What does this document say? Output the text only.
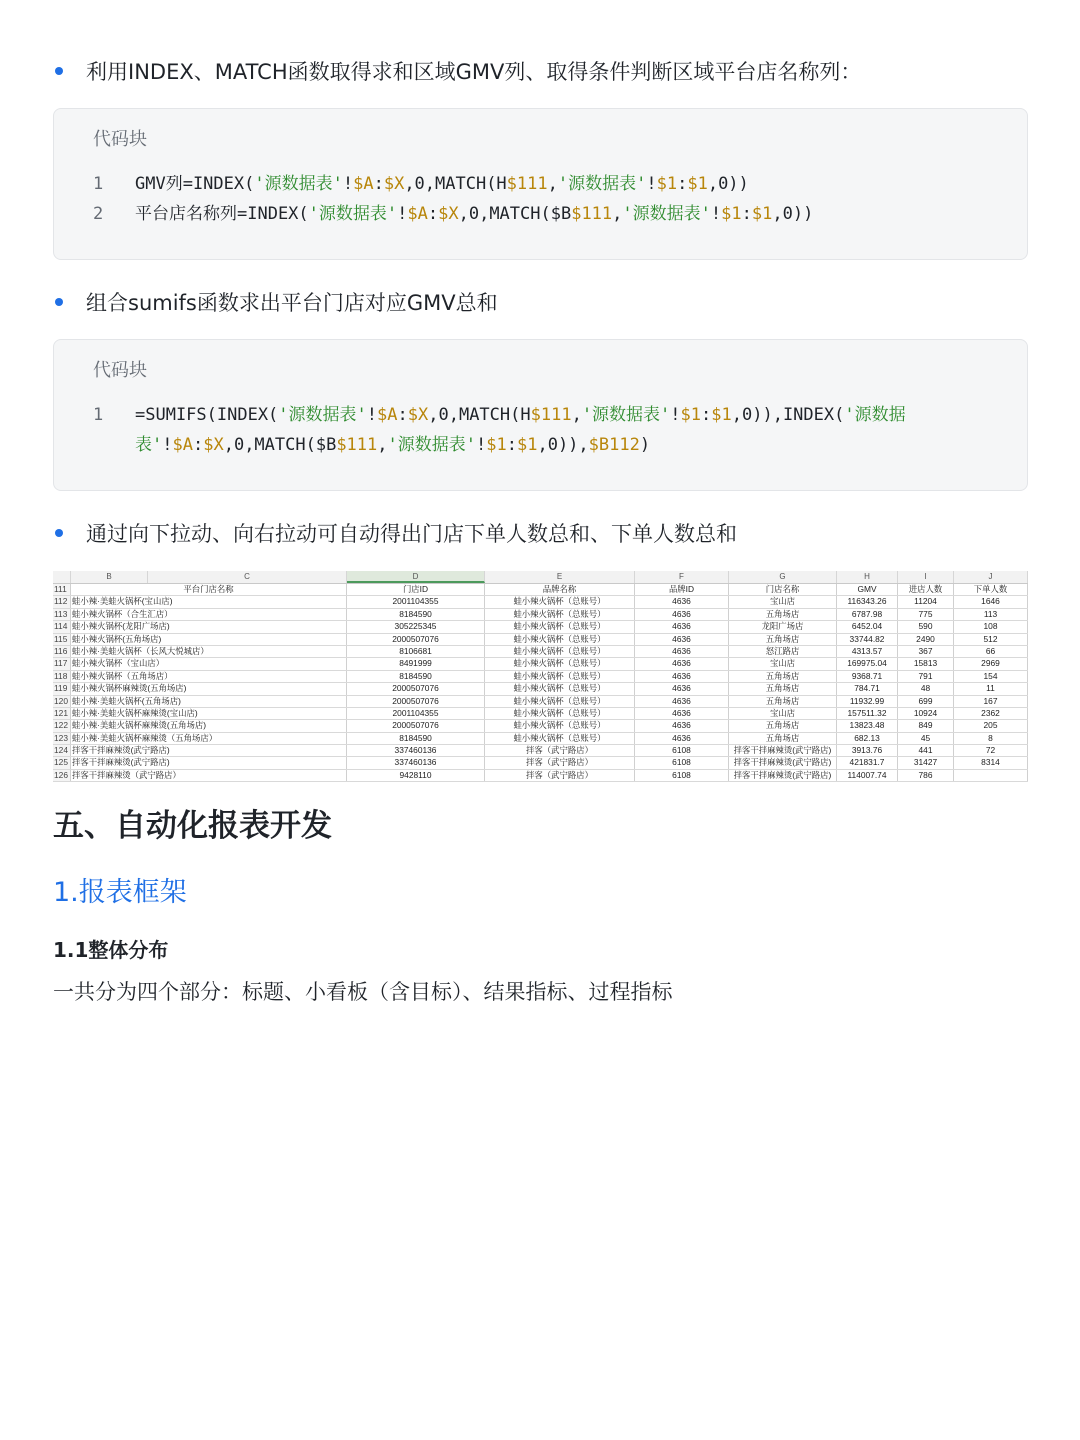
利用INDEX、MATCH函数取得求和区域GMV列、取得条件判断区域平台店名称列：
代码块
1 GMV列=INDEX('源数据表'!$A:$X,0,MATCH(H$111,'源数据表'!$1:$1,0))
2 平台店名称列=INDEX('源数据表'!$A:$X,0,MATCH($B$111,'源数据表'!$1:$1,0))
组合sumifs函数求出平台门店对应GMV总和
代码块
1 =SUMIFS(INDEX('源数据表'!$A:$X,0,MATCH(H$111,'源数据表'!$1:$1,0)),INDEX('源数据
表'!$A:$X,0,MATCH($B$111,'源数据表'!$1:$1,0)),$B112)
通过向下拉动、向右拉动可自动得出门店下单人数总和、下单人数总和
B	C	D	E	F	G	H	I	J
111	平台门店名称	门店ID	品牌名称	品牌ID	门店名称	GMV	进店人数	下单人数
112 蛙小辣·美蛙火锅杯(宝山店)	2001104355	蛙小辣火锅杯（总账号）	4636	宝山店	116343.26	11204	1646
113 蛙小辣火锅杯（合生汇店）	8184590	蛙小辣火锅杯（总账号）	4636	五角场店	6787.98	775	113
114 蛙小辣火锅杯(龙阳广场店)	305225345	蛙小辣火锅杯（总账号）	4636	龙阳广场店	6452.04	590	108
115 蛙小辣火锅杯(五角场店)	2000507076	蛙小辣火锅杯（总账号）	4636	五角场店	33744.82	2490	512
116 蛙小辣·美蛙火锅杯（长风大悦城店）	8106681	蛙小辣火锅杯（总账号）	4636	怒江路店	4313.57	367	66
117 蛙小辣火锅杯（宝山店）	8491999	蛙小辣火锅杯（总账号）	4636	宝山店	169975.04	15813	2969
118 蛙小辣火锅杯（五角场店）	8184590	蛙小辣火锅杯（总账号）	4636	五角场店	9368.71	791	154
119 蛙小辣火锅杯麻辣烫(五角场店)	2000507076	蛙小辣火锅杯（总账号）	4636	五角场店	784.71	48	11
120 蛙小辣·美蛙火锅杯(五角场店)	2000507076	蛙小辣火锅杯（总账号）	4636	五角场店	11932.99	699	167
121 蛙小辣·美蛙火锅杯麻辣烫(宝山店)	2001104355	蛙小辣火锅杯（总账号）	4636	宝山店	157511.32	10924	2362
122 蛙小辣·美蛙火锅杯麻辣烫(五角场店)	2000507076	蛙小辣火锅杯（总账号）	4636	五角场店	13823.48	849	205
123 蛙小辣·美蛙火锅杯麻辣烫（五角场店）	8184590	蛙小辣火锅杯（总账号）	4636	五角场店	682.13	45	8
124 拌客干拌麻辣烫(武宁路店)	337460136	拌客（武宁路店）	6108	拌客干拌麻辣烫(武宁路店)	3913.76	441	72
125 拌客干拌麻辣烫(武宁路店)	337460136	拌客（武宁路店）	6108	拌客干拌麻辣烫(武宁路店)	421831.7	31427	8314
126 拌客干拌麻辣烫（武宁路店）	9428110	拌客（武宁路店）	6108	拌客干拌麻辣烫(武宁路店)	114007.74	786
五、自动化报表开发
1.报表框架
1.1整体分布
一共分为四个部分：标题、小看板（含目标）、结果指标、过程指标
